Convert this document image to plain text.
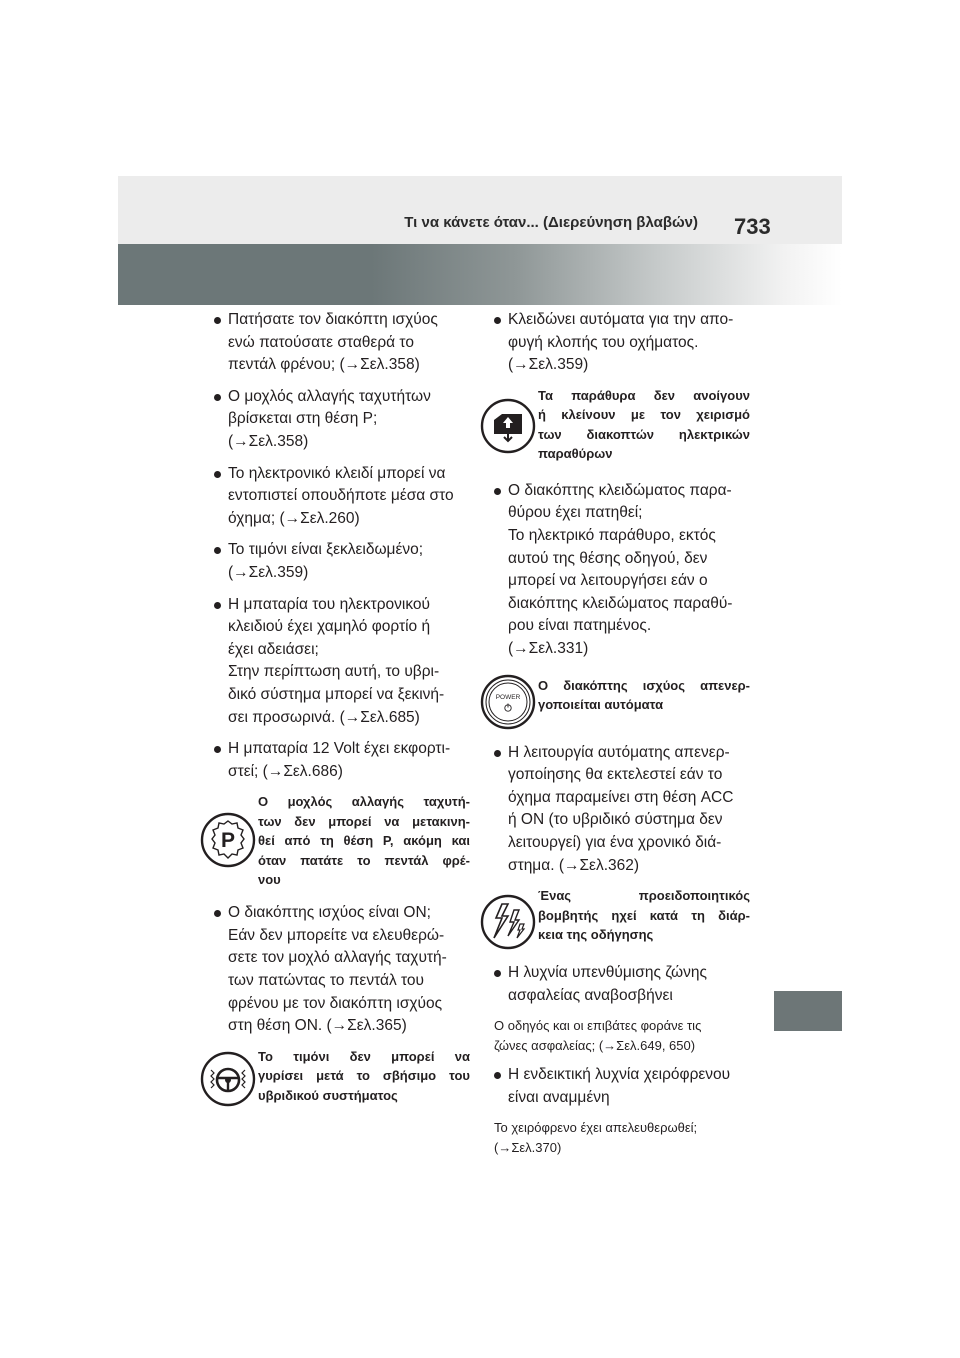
Τι να κάνετε όταν... (Διερεύνηση βλαβών) 733
Πατήσατε τον διακόπτη ισχύος
ενώ πατούσατε σταθερά το
πεντάλ φρένου; (→Σελ.358)
Ο μοχλός αλλαγής ταχυτήτων
βρίσκεται στη θέση P;
(→Σελ.358)
Το ηλεκτρονικό κλειδί μπορεί να
εντοπιστεί οπουδήποτε μέσα στο
όχημα; (→Σελ.260)
Το τιμόνι είναι ξεκλειδωμένο;
(→Σελ.359)
Η μπαταρία του ηλεκτρονικού
κλειδιού έχει χαμηλό φορτίο ή
έχει αδειάσει;
Στην περίπτωση αυτή, το υβρι-
δικό σύστημα μπορεί να ξεκινή-
σει προσωρινά. (→Σελ.685)
Η μπαταρία 12 Volt έχει εκφορτι-
στεί; (→Σελ.686)
P
Ο μοχλός αλλαγής ταχυτή-
των δεν μπορεί να μετακινη-
θεί από τη θέση P, ακόμη και
όταν πατάτε το πεντάλ φρέ-
νου
Ο διακόπτης ισχύος είναι ON;
Εάν δεν μπορείτε να ελευθερώ-
σετε τον μοχλό αλλαγής ταχυτή-
των πατώντας το πεντάλ του
φρένου με τον διακόπτη ισχύος
στη θέση ON. (→Σελ.365)
Το τιμόνι δεν μπορεί να
γυρίσει μετά το σβήσιμο του
υβριδικού συστήματος
Κλειδώνει αυτόματα για την απο-
φυγή κλοπής του οχήματος.
(→Σελ.359)
Τα παράθυρα δεν ανοίγουν
ή κλείνουν με τον χειρισμό
των διακοπτών ηλεκτρικών
παραθύρων
Ο διακόπτης κλειδώματος παρα-
θύρου έχει πατηθεί;
Το ηλεκτρικό παράθυρο, εκτός
αυτού της θέσης οδηγού, δεν
μπορεί να λειτουργήσει εάν ο
διακόπτης κλειδώματος παραθύ-
ρου είναι πατημένος.
(→Σελ.331)
POWER
Ο διακόπτης ισχύος απενερ-
γοποιείται αυτόματα
Η λειτουργία αυτόματης απενερ-
γοποίησης θα εκτελεστεί εάν το
όχημα παραμείνει στη θέση ACC
ή ON (το υβριδικό σύστημα δεν
λειτουργεί) για ένα χρονικό διά-
στημα. (→Σελ.362)
Ένας προειδοποιητικός
βομβητής ηχεί κατά τη διάρ-
κεια της οδήγησης
Η λυχνία υπενθύμισης ζώνης
ασφαλείας αναβοσβήνει
Ο οδηγός και οι επιβάτες φοράνε τις
ζώνες ασφαλείας; (→Σελ.649, 650)
Η ενδεικτική λυχνία χειρόφρενου
είναι αναμμένη
Το χειρόφρενο έχει απελευθερωθεί;
(→Σελ.370)
